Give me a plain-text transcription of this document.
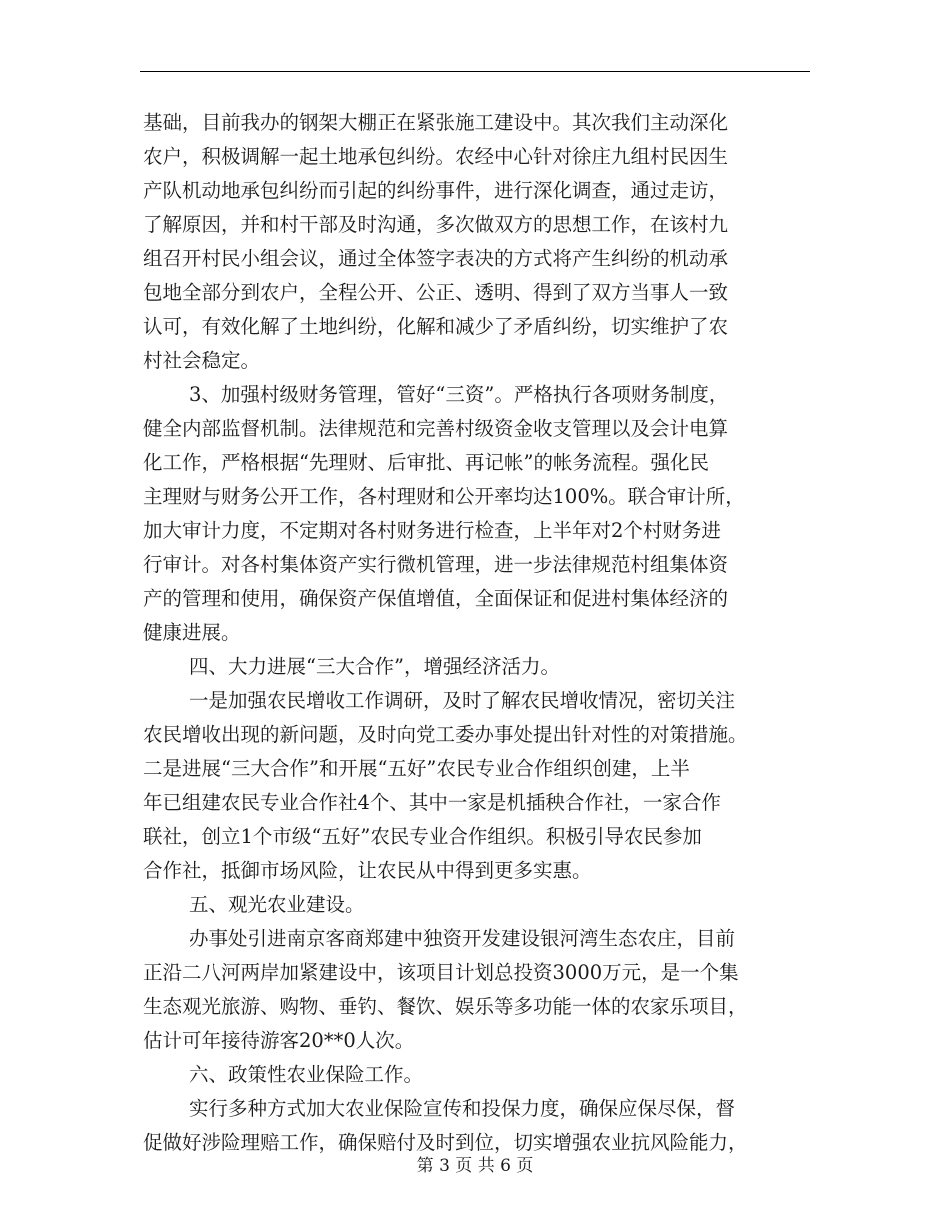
基础，目前我办的钢架大棚正在紧张施工建设中。其次我们主动深化
农户，积极调解一起土地承包纠纷。农经中心针对徐庄九组村民因生
产队机动地承包纠纷而引起的纠纷事件，进行深化调查，通过走访，
了解原因，并和村干部及时沟通，多次做双方的思想工作，在该村九
组召开村民小组会议，通过全体签字表决的方式将产生纠纷的机动承
包地全部分到农户，全程公开、公正、透明、得到了双方当事人一致
认可，有效化解了土地纠纷，化解和减少了矛盾纠纷，切实维护了农
村社会稳定。
3、加强村级财务管理，管好“三资”。严格执行各项财务制度，
健全内部监督机制。法律规范和完善村级资金收支管理以及会计电算
化工作，严格根据“先理财、后审批、再记帐”的帐务流程。强化民
主理财与财务公开工作，各村理财和公开率均达100%。联合审计所，
加大审计力度，不定期对各村财务进行检查，上半年对2个村财务进
行审计。对各村集体资产实行微机管理，进一步法律规范村组集体资
产的管理和使用，确保资产保值增值，全面保证和促进村集体经济的
健康进展。
四、大力进展“三大合作”，增强经济活力。
一是加强农民增收工作调研，及时了解农民增收情况，密切关注
农民增收出现的新问题，及时向党工委办事处提出针对性的对策措施。
二是进展“三大合作”和开展“五好”农民专业合作组织创建，上半
年已组建农民专业合作社4个、其中一家是机插秧合作社，一家合作
联社，创立1个市级“五好”农民专业合作组织。积极引导农民参加
合作社，抵御市场风险，让农民从中得到更多实惠。
五、观光农业建设。
办事处引进南京客商郑建中独资开发建设银河湾生态农庄，目前
正沿二八河两岸加紧建设中，该项目计划总投资3000万元，是一个集
生态观光旅游、购物、垂钓、餐饮、娱乐等多功能一体的农家乐项目，
估计可年接待游客20**0人次。
六、政策性农业保险工作。
实行多种方式加大农业保险宣传和投保力度，确保应保尽保，督
促做好涉险理赔工作，确保赔付及时到位，切实增强农业抗风险能力，
第 3 页 共 6 页
